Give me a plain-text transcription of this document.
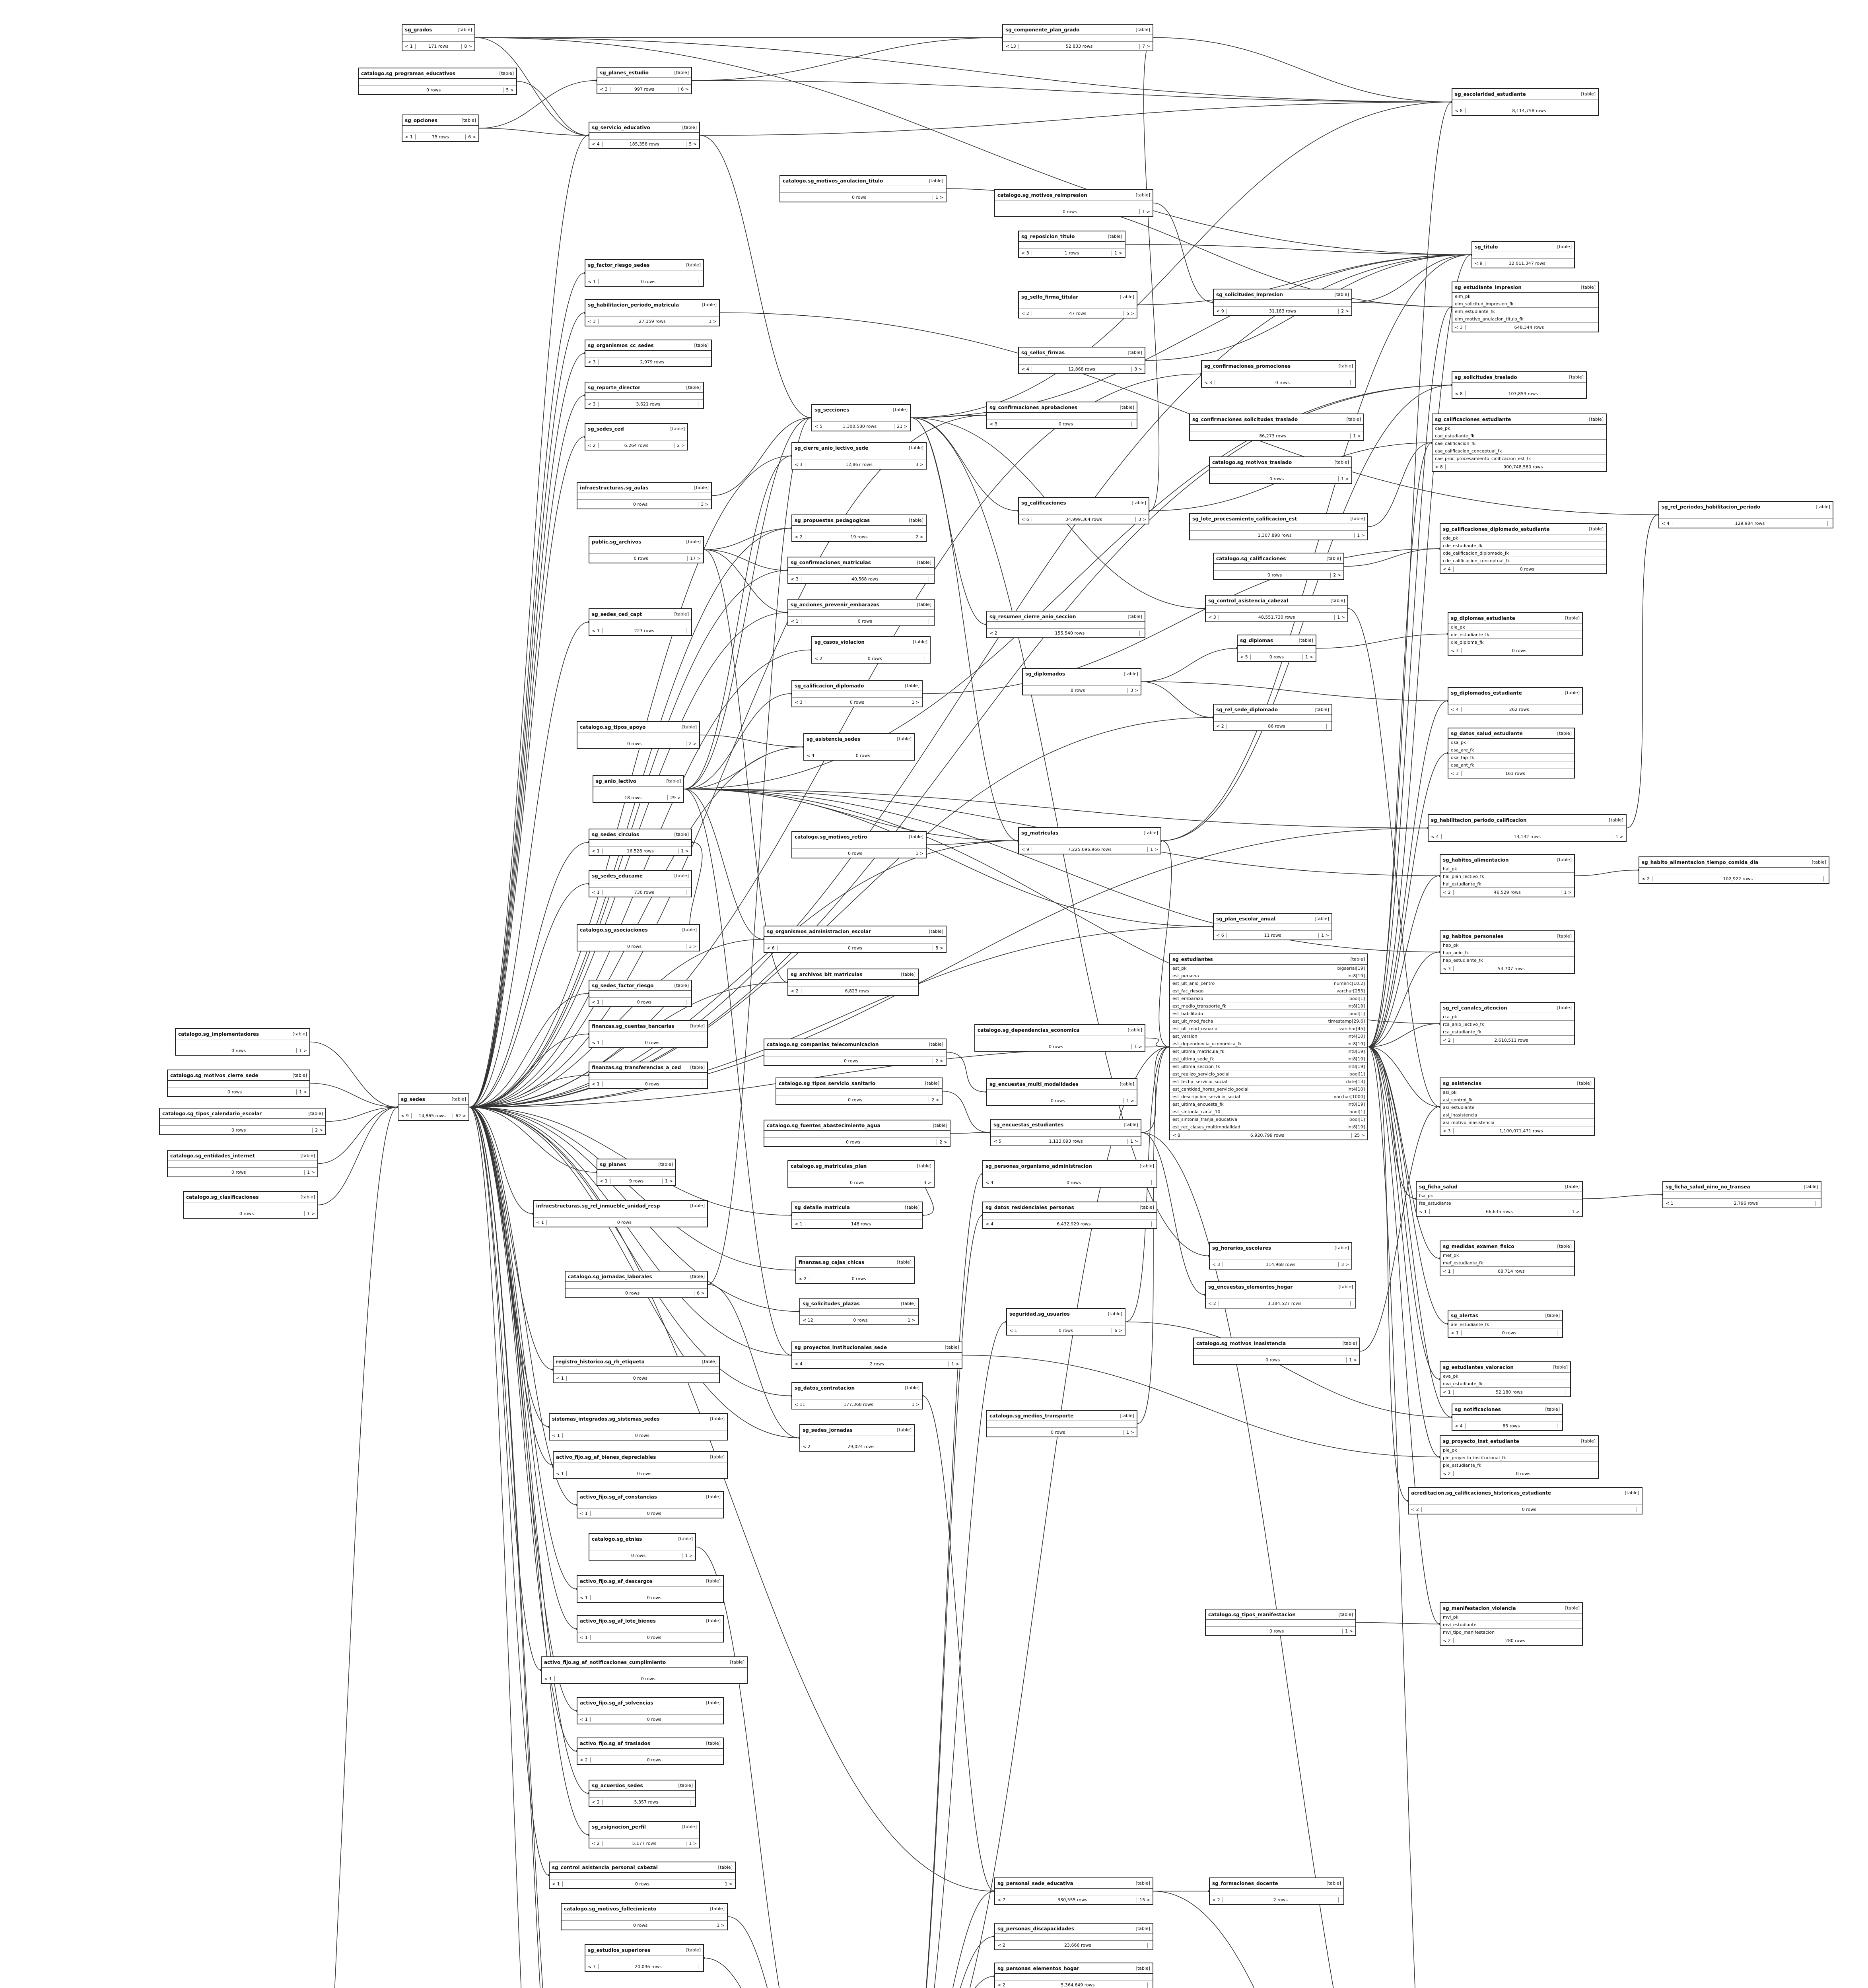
sg_grados	[table]
< 1	171 rows	8 >
catalogo.sg_programas_educativos	[table]
0 rows	5 >
sg_opciones	[table]
< 1	75 rows	6 >
sg_planes_estudio	[table]
< 3	997 rows	6 >
sg_servicio_educativo	[table]
< 4	185,358 rows	5 >
sg_componente_plan_grado	[table]
< 13	52,833 rows	7 >
sg_escolaridad_estudiante	[table]
< 8	8,114,758 rows
catalogo.sg_motivos_anulacion_titulo	[table]
0 rows	1 >	catalogo.sg_motivos_reimpresion	[table]
0 rows	1 >
sg_reposicion_titulo	[table]
< 3	1 rows	1 >
sg_titulo	[table]
< 9	12,011,347 rows
sg_factor_riesgo_sedes	[table]
< 1	0 rows
sg_habilitacion_periodo_matricula	[table]
< 3	27,159 rows	1 >
sg_organismos_cc_sedes	[table]
< 3	2,979 rows
sg_reporte_director	[table]
< 3	3,621 rows
sg_sedes_ced	[table]
< 2	6,264 rows	2 >
sg_solicitudes_impresion	[table]
< 9	31,183 rows	2 >
sg_sello_firma_titular	[table]
< 2	47 rows	5 >
sg_sellos_firmas	[table]
< 4	12,868 rows	3 >
sg_estudiante_impresion	[table]
eim_pk
eim_solicitud_impresion_fk
eim_estudiante_fk
eim_motivo_anulacion_titulo_fk
< 3	648,344 rows
sg_solicitudes_traslado	[table]
< 8	103,853 rows
sg_confirmaciones_promociones	[table]
< 3	0 rows
sg_secciones	[table]
< 5	1,300,580 rows	21 >
sg_confirmaciones_aprobaciones	[table]
< 3	0 rows
sg_confirmaciones_solicitudes_traslado	[table]
86,273 rows	1 >
infraestructuras.sg_aulas	[table]
0 rows	3 >
sg_cierre_anio_lectivo_sede	[table]
< 3	12,867 rows	3 >	catalogo.sg_motivos_traslado	[table]
0 rows	1 >
sg_calificaciones	[table]
< 6	34,999,364 rows	3 >
sg_calificaciones_estudiante	[table]
cae_pk
cae_estudiante_fk
cae_calificacion_fk
cae_calificacion_conceptual_fk
cae_proc_procesamiento_calificacion_est_fk
< 8	900,748,580 rows
sg_rel_periodos_habilitacion_periodo	[table]
< 4	129,984 rows
public.sg_archivos	[table]
0 rows	17 >
sg_propuestas_pedagogicas	[table]
< 2	19 rows	2 >
sg_lote_procesamiento_calificacion_est	[table]
1,307,898 rows	1 >
sg_confirmaciones_matriculas	[table]
< 3	40,568 rows
catalogo.sg_calificaciones	[table]
0 rows	2 >
sg_calificaciones_diplomado_estudiante	[table]
cde_pk
cde_estudiante_fk
cde_calificacion_diplomado_fk
cde_calificacion_conceptual_fk
< 4	0 rows
sg_sedes_ced_capt	[table]
< 1	223 rows
sg_acciones_prevenir_embarazos	[table]
< 1	0 rows
sg_resumen_cierre_anio_seccion	[table]
< 2	155,540 rows
sg_control_asistencia_cabezal	[table]
< 3	48,551,730 rows	1 >
sg_casos_violacion	[table]
< 2	0 rows
sg_diplomas	[table]
< 5	0 rows	1 >
sg_diplomas_estudiante	[table]
die_pk
die_estudiante_fk
die_diploma_fk
< 3	0 rows
sg_diplomados	[table]
8 rows	3 >
sg_calificacion_diplomado	[table]
< 3	0 rows	1 >
sg_diplomados_estudiante	[table]
< 4	262 rows
sg_rel_sede_diplomado	[table]
< 2	86 rows
catalogo.sg_tipos_apoyo	[table]
0 rows	2 >
sg_asistencia_sedes	[table]
< 4	0 rows
sg_datos_salud_estudiante	[table]
dsa_pk
dsa_are_fk
dsa_tap_fk
dsa_ant_fk
< 3	161 rows
sg_anio_lectivo	[table]
18 rows	29 >
sg_habilitacion_periodo_calificacion	[table]
< 4	13,132 rows	1 >
sg_sedes_circulos	[table]
< 1	16,528 rows	1 >
catalogo.sg_motivos_retiro	[table]
0 rows	1 >
sg_matriculas	[table]
< 9	7,225,696,966 rows	1 >
sg_habitos_alimentacion	[table]
hal_pk
hal_plan_lectivo_fk
hal_estudiante_fk
< 2	46,529 rows	1 >
sg_habito_alimentacion_tiempo_comida_dia	[table]
< 2	102,922 rows
sg_sedes_educame	[table]
< 1	730 rows
sg_plan_escolar_anual	[table]
< 6	11 rows	1 >
catalogo.sg_asociaciones	[table]
0 rows	3 >
sg_organismos_administracion_escolar	[table]
< 6	0 rows	8 >
sg_habitos_personales	[table]
hap_pk
hap_anio_fk
hap_estudiante_fk
< 3	54,707 rows
sg_archivos_bit_matriculas	[table]
< 2	6,823 rows
sg_sedes_factor_riesgo	[table]
< 1	0 rows
sg_estudiantes	[table]
est_pk	bigserial[19]
est_persona	int8[19]
est_ult_anio_centro	numeric[10,2]
est_fac_riesgo	varchar[255]
est_embarazo	bool[1]
est_medio_transporte_fk	int8[19]
est_habilitado	bool[1]
est_ult_mod_fecha	timestamp[29,6]
est_ult_mod_usuario	varchar[45]
est_version	int4[10]
est_dependencia_economica_fk	int8[19]
est_ultima_matricula_fk	int8[19]
est_ultima_sede_fk	int8[19]
est_ultima_seccion_fk	int8[19]
est_realizo_servicio_social	bool[1]
est_fecha_servicio_social	date[13]
est_cantidad_horas_servicio_social	int4[10]
est_descripcion_servicio_social	varchar[1000]
est_ultima_encuesta_fk	int8[19]
est_sintonia_canal_10	bool[1]
est_sintonia_franja_educativa	bool[1]
est_rec_clases_multimodalidad	int8[19]
< 8	6,920,799 rows	25 >
sg_rel_canales_atencion	[table]
rca_pk
rca_anio_lectivo_fk
rca_estudiante_fk
< 2	2,610,511 rows
finanzas.sg_cuentas_bancarias	[table]
< 1	0 rows
catalogo.sg_dependencias_economica	[table]
0 rows	1 >
catalogo.sg_implementadores	[table]
0 rows	1 >
catalogo.sg_companias_telecomunicacion	[table]
0 rows	2 >
finanzas.sg_transferencias_a_ced [table]
< 1	0 rows
catalogo.sg_motivos_cierre_sede	[table]
0 rows	1 >
catalogo.sg_tipos_servicio_sanitario	[table]
0 rows	2 >
sg_encuestas_multi_modalidades	[table]
0 rows	1 >
sg_asistencias	[table]
asi_pk
asi_control_fk
asi_estudiante
asi_inasistencia
asi_motivo_inasistencia
< 3	1,100,071,471 rows
catalogo.sg_tipos_calendario_escolar	[table]
0 rows	2 >
sg_sedes	[table]
< 9	14,865 rows	62 >
catalogo.sg_fuentes_abastecimiento_agua	[table]
0 rows	2 >
sg_encuestas_estudiantes	[table]
< 5	1,113,093 rows	1 >
catalogo.sg_entidades_internet	[table]
0 rows	1 >
catalogo.sg_matriculas_plan	[table]
0 rows	3 >
sg_planes	[table]
< 1	9 rows	1 >
sg_personas_organismo_administracion	[table]
< 4	0 rows
catalogo.sg_clasificaciones	[table]
0 rows	1 >
sg_ficha_salud	[table]
fsa_pk
fsa_estudiante
< 1	66,635 rows	1 >
sg_ficha_salud_nino_no_transea	[table]
< 1	2,796 rows
infraestructuras.sg_rel_inmueble_unidad_resp	[table]
< 1	0 rows
sg_detalle_matricula	[table]
< 1	148 rows
sg_datos_residenciales_personas	[table]
< 4	6,432,929 rows
sg_horarios_escolares	[table]
< 3	114,968 rows	3 >
sg_medidas_examen_fisico	[table]
mef_pk
mef_estudiante_fk
< 1	68,714 rows
catalogo.sg_jornadas_laborales	[table]
0 rows	6 >
finanzas.sg_cajas_chicas	[table]
< 2	0 rows
sg_encuestas_elementos_hogar	[table]
< 2	3,384,527 rows
sg_solicitudes_plazas	[table]
< 12	0 rows	1 >
seguridad.sg_usuarios	[table]
< 1	0 rows	6 >
sg_alertas	[table]
ale_estudiante_fk
< 1	0 rows
catalogo.sg_motivos_inasistencia	[table]
0 rows	1 >
registro_historico.sg_rh_etiqueta	[table]
< 1	0 rows
sg_proyectos_institucionales_sede	[table]
< 4	2 rows	1 >
sg_estudiantes_valoracion	[table]
eva_pk
eva_estudiante_fk
< 1	52,180 rows
sg_datos_contratacion	[table]
< 11	177,368 rows	1 >
catalogo.sg_medios_transporte	[table]
0 rows	1 >
sg_notificaciones	[table]
< 4	85 rows
sistemas_integrados.sg_sistemas_sedes	[table]
< 1	0 rows
sg_sedes_jornadas	[table]
< 2	29,024 rows
sg_proyecto_inst_estudiante	[table]
pie_pk
pie_proyecto_institucional_fk
pie_estudiante_fk
< 2	0 rows
activo_fijo.sg_af_bienes_depreciables	[table]
< 1	0 rows
acreditacion.sg_calificaciones_historicas_estudiante	[table]
< 2	0 rows
activo_fijo.sg_af_constancias	[table]
< 1	0 rows
catalogo.sg_etnias	[table]
0 rows	1 >
catalogo.sg_tipos_manifestacion	[table]
0 rows	1 >
sg_manifestacion_violencia	[table]
mvi_pk
mvi_estudiante
mvi_tipo_manifestacion
< 2	280 rows
activo_fijo.sg_af_descargos	[table]
< 1	0 rows
activo_fijo.sg_af_lote_bienes	[table]
< 1	0 rows
activo_fijo.sg_af_notificaciones_cumplimiento	[table]
< 1	0 rows
activo_fijo.sg_af_solvencias	[table]
< 1	0 rows
activo_fijo.sg_af_traslados	[table]
< 2	0 rows
sg_acuerdos_sedes	[table]
< 2	5,357 rows
sg_asignacion_perfil	[table]
< 2	5,177 rows	1 >
sg_control_asistencia_personal_cabezal	[table]
< 1	0 rows	1 >	sg_personal_sede_educativa	[table]
< 7	330,555 rows	15 >
sg_formaciones_docente	[table]
< 2	2 rows
catalogo.sg_motivos_fallecimiento	[table]
0 rows	1 >
sg_personas_discapacidades	[table]
< 2	23,666 rows
sg_estudios_superiores	[table]
< 7	20,046 rows	sg_personas_elementos_hogar	[table]
< 2	5,364,649 rows
